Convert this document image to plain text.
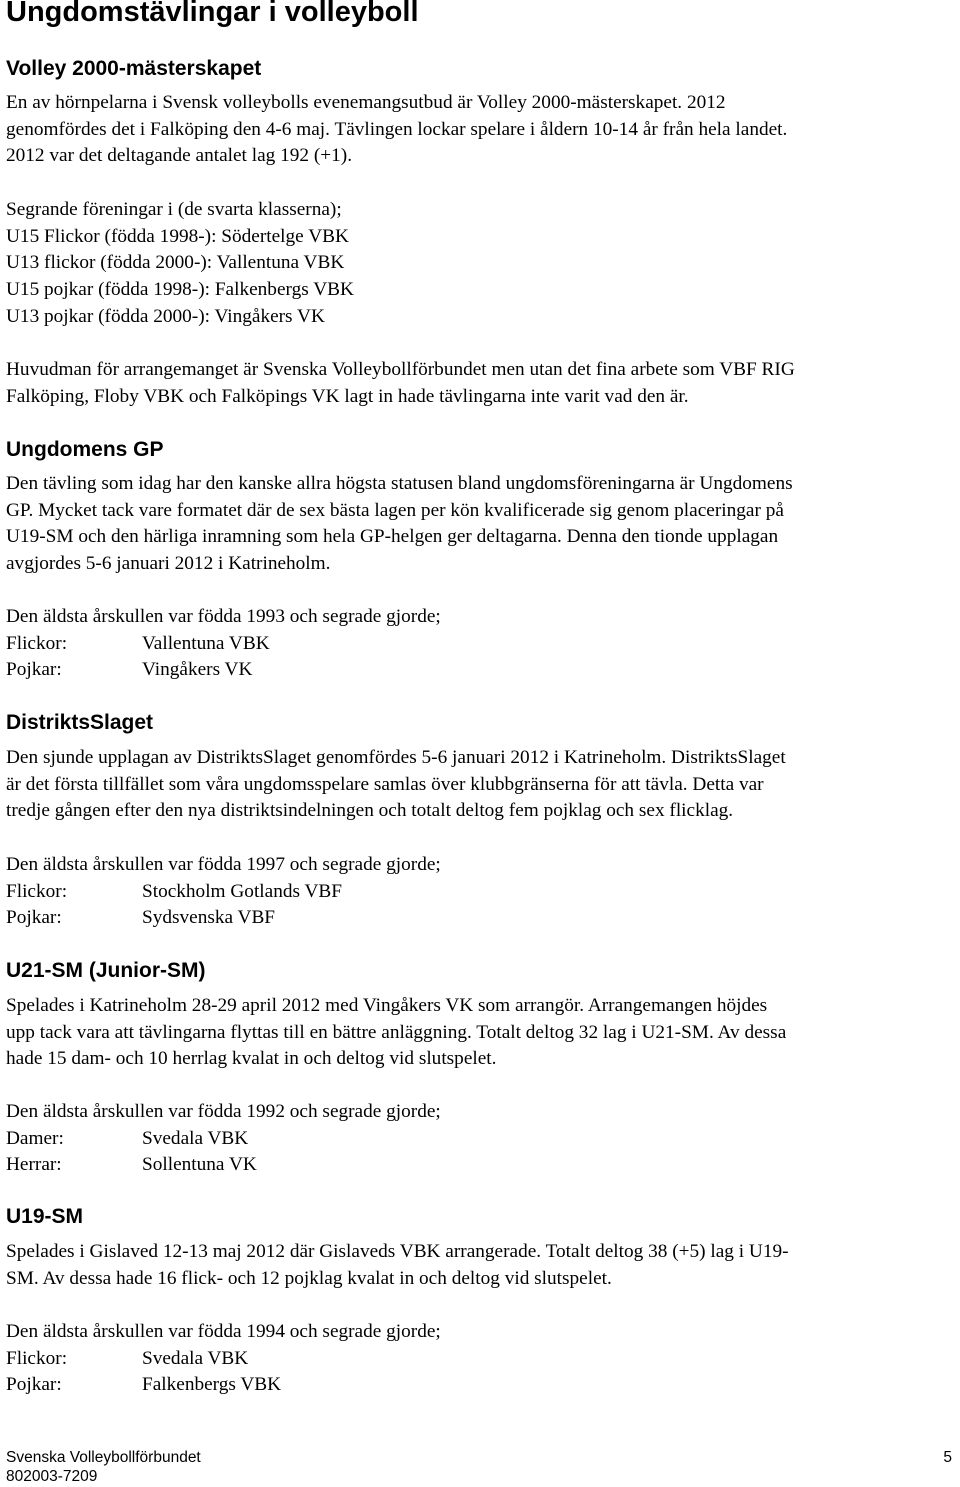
Ungdomstävlingar i volleyboll
Volley 2000-mästerskapet
En av hörnpelarna i Svensk volleybolls evenemangsutbud är Volley 2000-mästerskapet. 2012
genomfördes det i Falköping den 4-6 maj. Tävlingen lockar spelare i åldern 10-14 år från hela landet.
2012 var det deltagande antalet lag 192 (+1).
Segrande föreningar i (de svarta klasserna);
U15 Flickor (födda 1998-): Södertelge VBK
U13 flickor (födda 2000-): Vallentuna VBK
U15 pojkar (födda 1998-): Falkenbergs VBK
U13 pojkar (födda 2000-): Vingåkers VK
Huvudman för arrangemanget är Svenska Volleybollförbundet men utan det fina arbete som VBF RIG
Falköping, Floby VBK och Falköpings VK lagt in hade tävlingarna inte varit vad den är.
Ungdomens GP
Den tävling som idag har den kanske allra högsta statusen bland ungdomsföreningarna är Ungdomens
GP. Mycket tack vare formatet där de sex bästa lagen per kön kvalificerade sig genom placeringar på
U19-SM och den härliga inramning som hela GP-helgen ger deltagarna. Denna den tionde upplagan
avgjordes 5-6 januari 2012 i Katrineholm.
Den äldsta årskullen var födda 1993 och segrade gjorde;
Flickor:	Vallentuna VBK
Pojkar:	Vingåkers VK
DistriktsSlaget
Den sjunde upplagan av DistriktsSlaget genomfördes 5-6 januari 2012 i Katrineholm. DistriktsSlaget
är det första tillfället som våra ungdomsspelare samlas över klubbgränserna för att tävla. Detta var
tredje gången efter den nya distriktsindelningen och totalt deltog fem pojklag och sex flicklag.
Den äldsta årskullen var födda 1997 och segrade gjorde;
Flickor:	Stockholm Gotlands VBF
Pojkar:	Sydsvenska VBF
U21-SM (Junior-SM)
Spelades i Katrineholm 28-29 april 2012 med Vingåkers VK som arrangör. Arrangemangen höjdes
upp tack vara att tävlingarna flyttas till en bättre anläggning. Totalt deltog 32 lag i U21-SM. Av dessa
hade 15 dam- och 10 herrlag kvalat in och deltog vid slutspelet.
Den äldsta årskullen var födda 1992 och segrade gjorde;
Damer:	Svedala VBK
Herrar:	Sollentuna VK
U19-SM
Spelades i Gislaved 12-13 maj 2012 där Gislaveds VBK arrangerade. Totalt deltog 38 (+5) lag i U19-
SM. Av dessa hade 16 flick- och 12 pojklag kvalat in och deltog vid slutspelet.
Den äldsta årskullen var födda 1994 och segrade gjorde;
Flickor:	Svedala VBK
Pojkar:	Falkenbergs VBK
Svenska Volleybollförbundet
802003-7209
5
